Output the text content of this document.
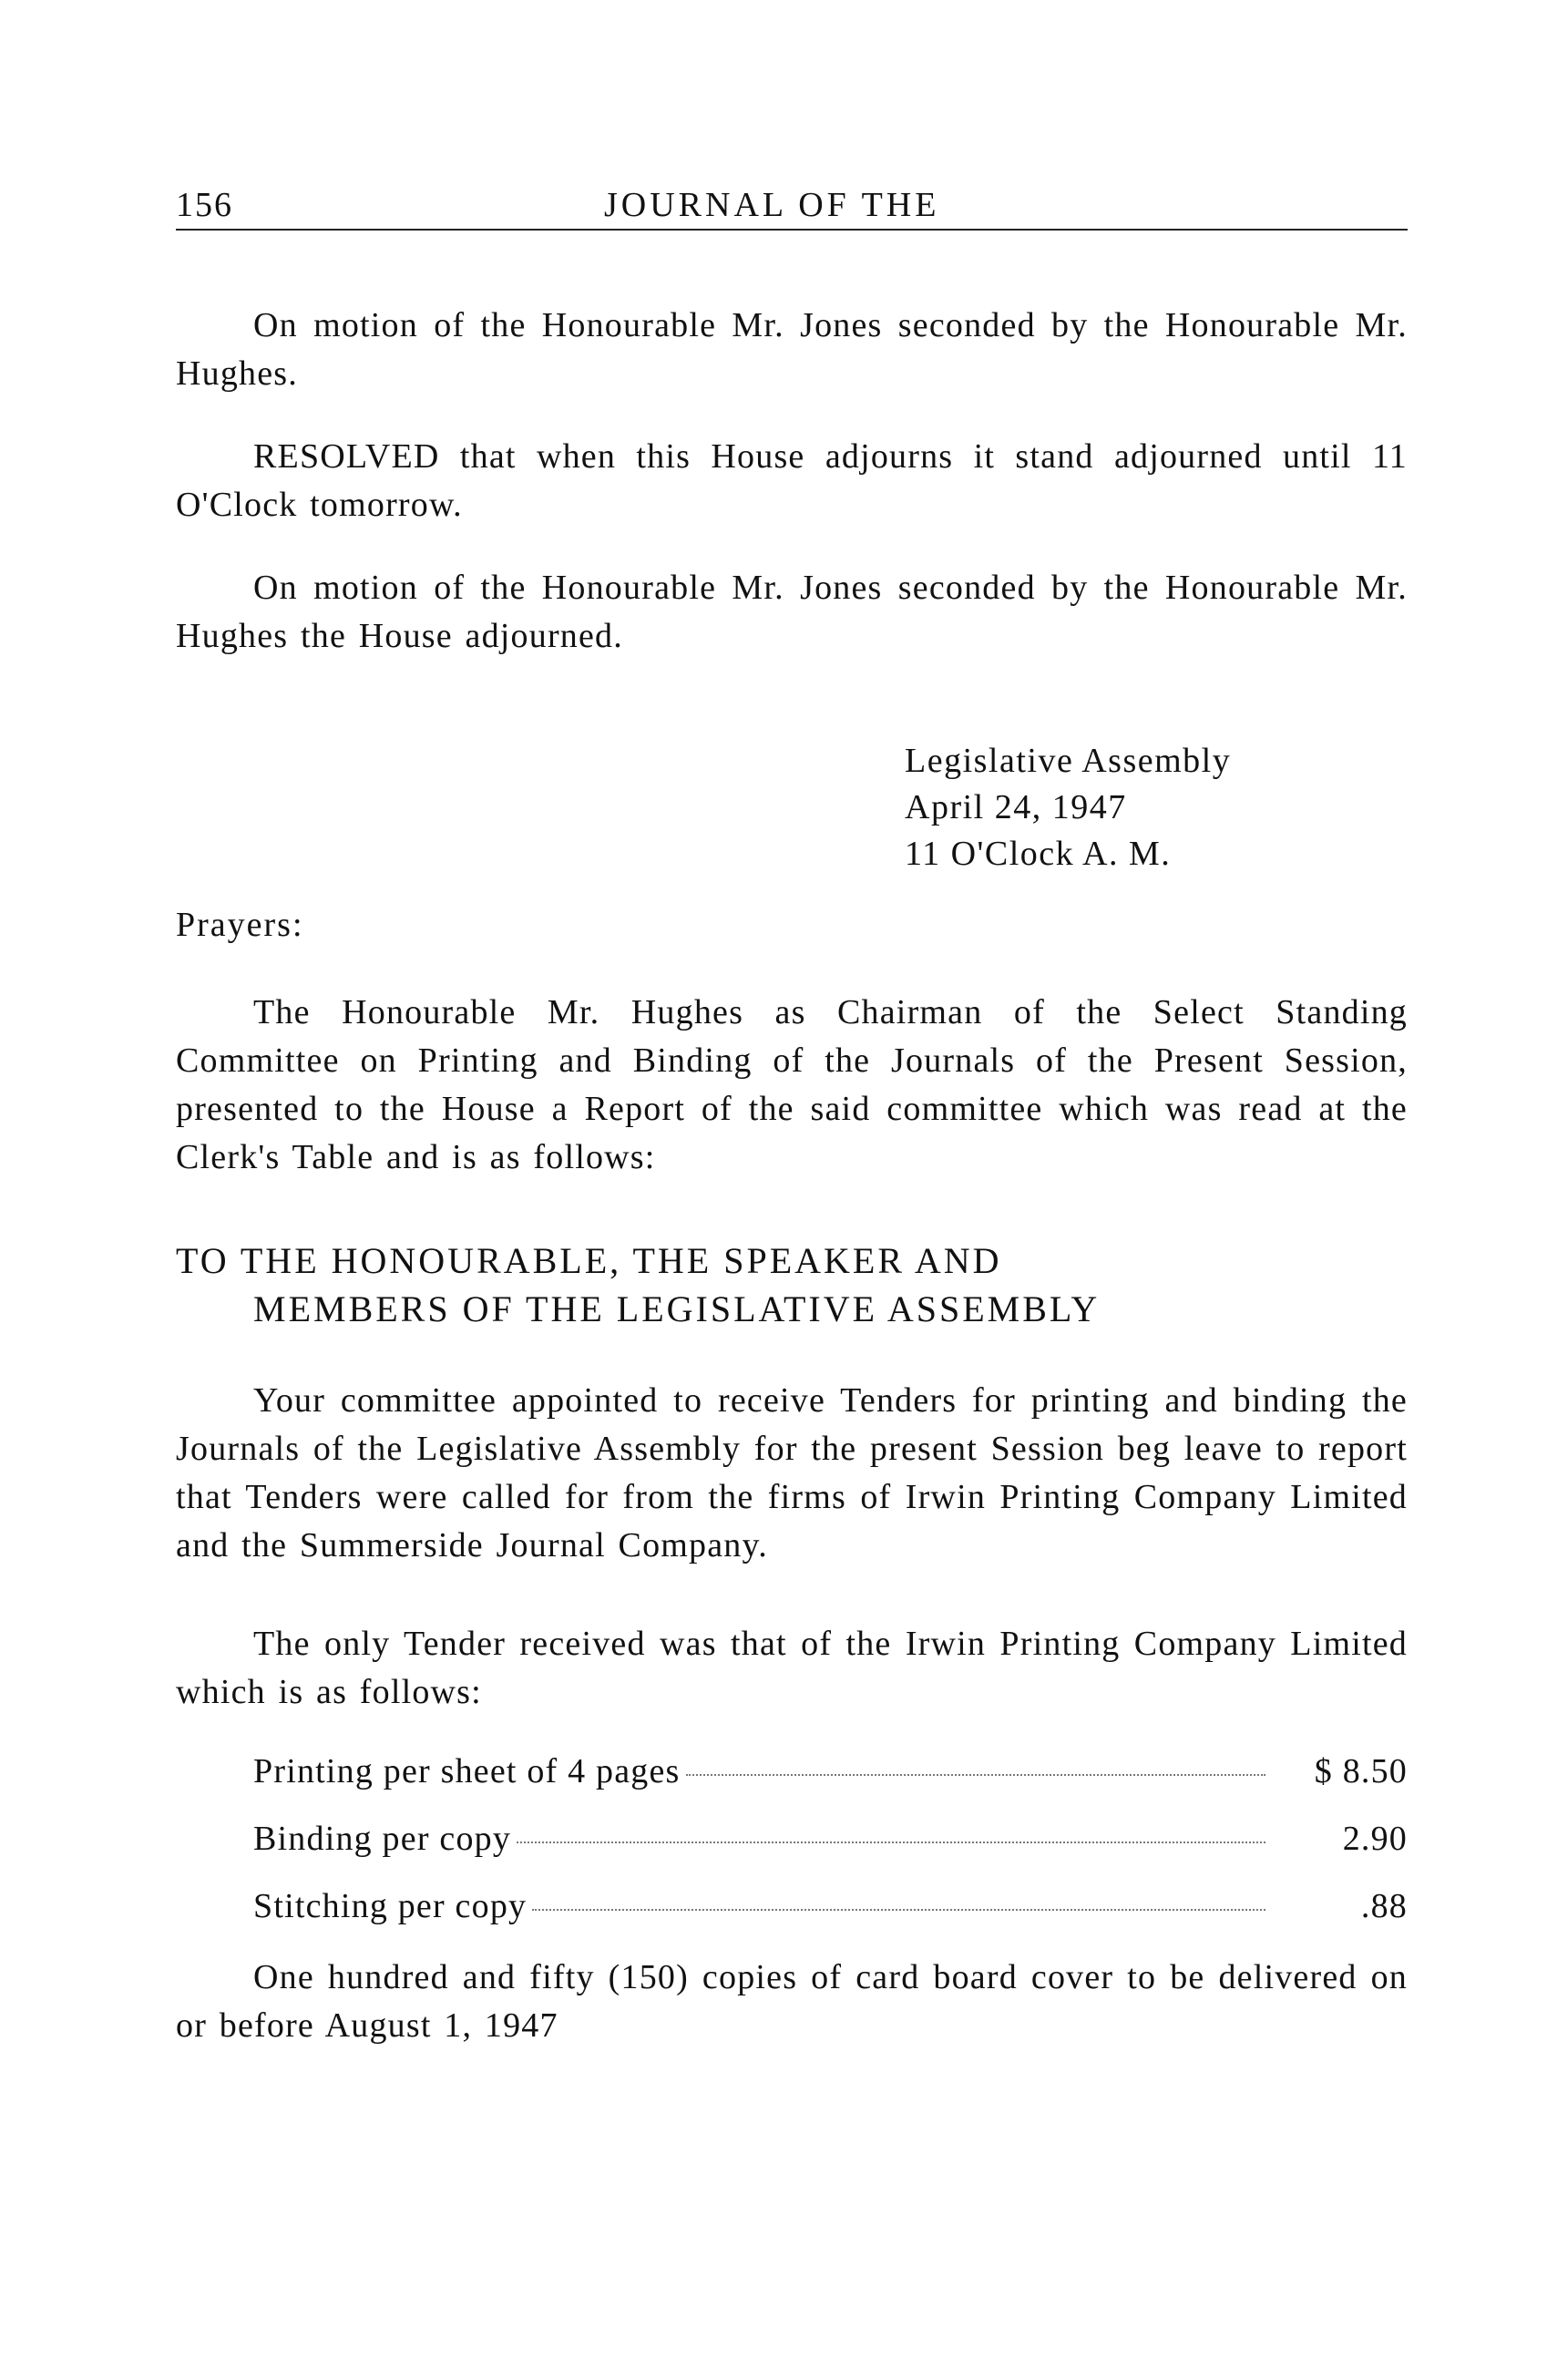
156	JOURNAL OF THE

On motion of the Honourable Mr. Jones seconded by the Honourable Mr. Hughes.

RESOLVED that when this House adjourns it stand adjourned until 11 O'Clock tomorrow.

On motion of the Honourable Mr. Jones seconded by the Honourable Mr. Hughes the House adjourned.

Legislative Assembly
April 24, 1947
11 O'Clock A. M.
Prayers:

The Honourable Mr. Hughes as Chairman of the Select Standing Committee on Printing and Binding of the Journals of the Present Session, presented to the House a Report of the said committee which was read at the Clerk's Table and is as follows:

TO THE HONOURABLE, THE SPEAKER AND
MEMBERS OF THE LEGISLATIVE ASSEMBLY

Your committee appointed to receive Tenders for printing and binding the Journals of the Legislative Assembly for the present Session beg leave to report that Tenders were called for from the firms of Irwin Printing Company Limited and the Summerside Journal Company.

The only Tender received was that of the Irwin Printing Company Limited which is as follows:

Printing per sheet of 4 pages	$ 8.50
Binding per copy	2.90
Stitching per copy	.88

One hundred and fifty (150) copies of card board cover to be delivered on or before August 1, 1947
